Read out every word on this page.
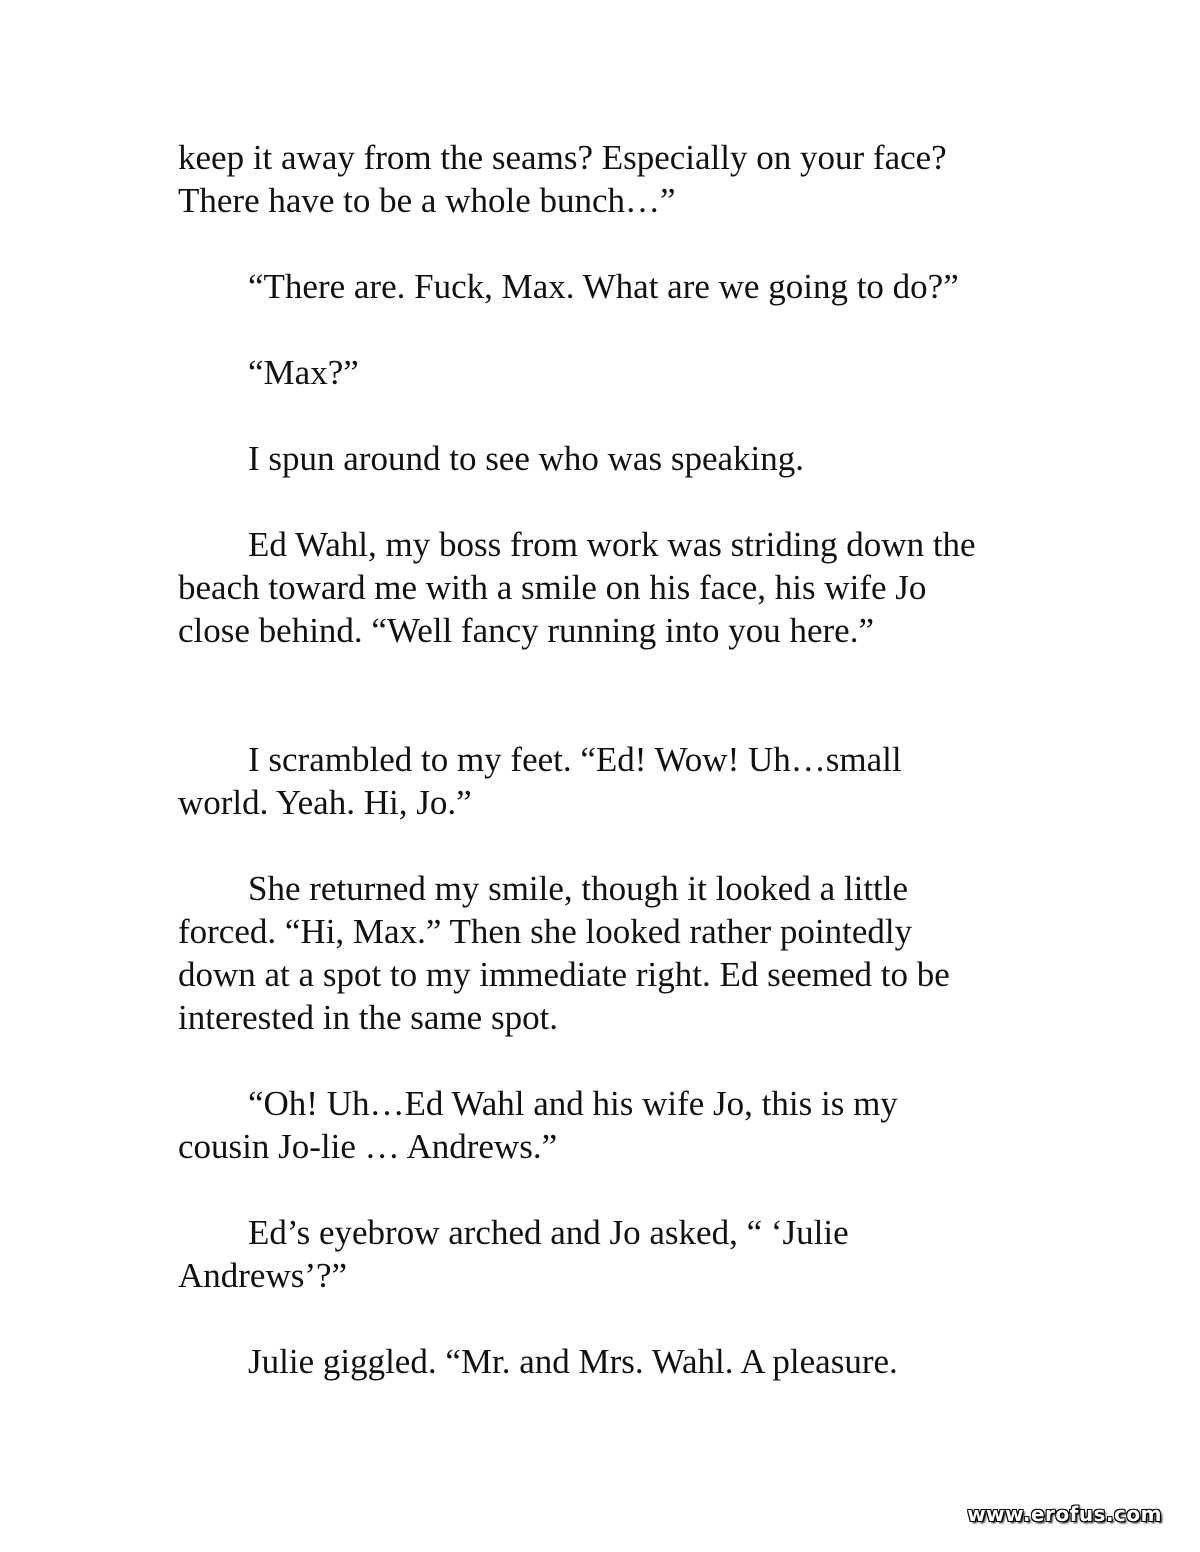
keep it away from the seams? Especially on your face?
There have to be a whole bunch…”

“There are. Fuck, Max. What are we going to do?”

“Max?”

I spun around to see who was speaking.

Ed Wahl, my boss from work was striding down the
beach toward me with a smile on his face, his wife Jo
close behind. “Well fancy running into you here.”

I scrambled to my feet. “Ed! Wow! Uh…small
world. Yeah. Hi, Jo.”

She returned my smile, though it looked a little
forced. “Hi, Max.” Then she looked rather pointedly
down at a spot to my immediate right. Ed seemed to be
interested in the same spot.

“Oh! Uh…Ed Wahl and his wife Jo, this is my
cousin Jo-lie … Andrews.”

Ed’s eyebrow arched and Jo asked, “ ‘Julie
Andrews’?”

Julie giggled. “Mr. and Mrs. Wahl. A pleasure.

www.erofus.com
